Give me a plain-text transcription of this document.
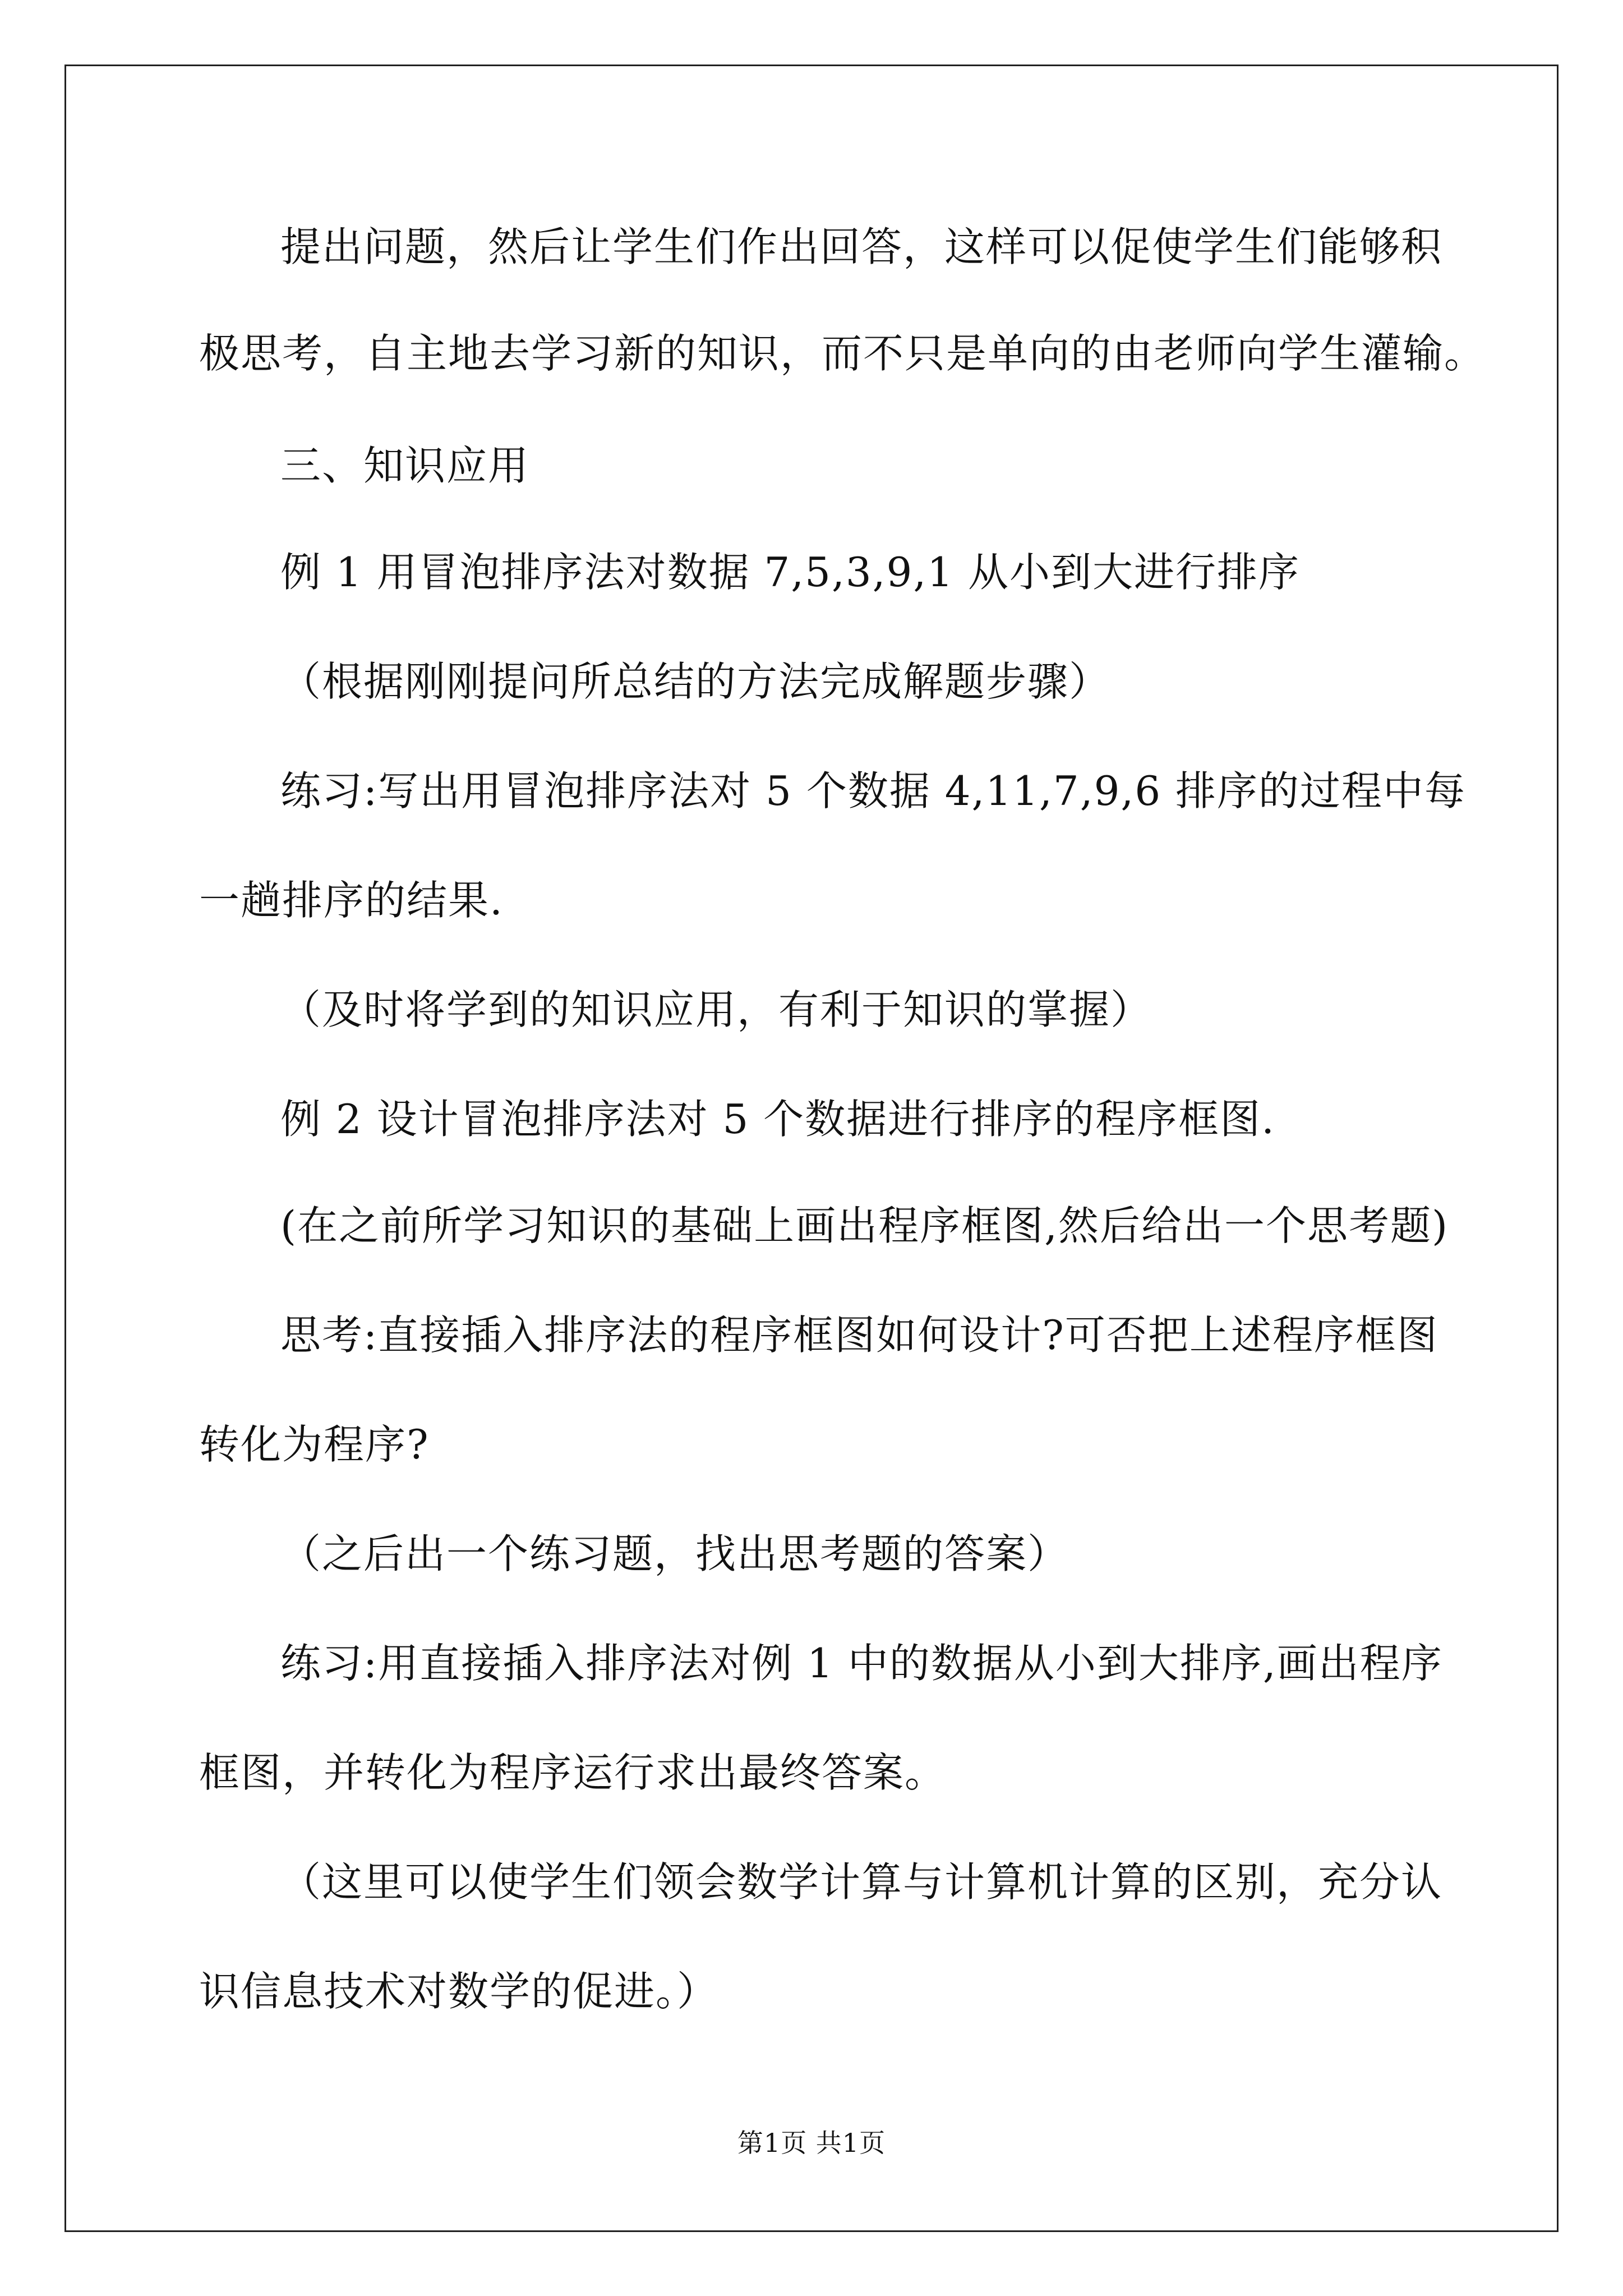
提出问题，然后让学生们作出回答，这样可以促使学生们能够积
极思考，自主地去学习新的知识，而不只是单向的由老师向学生灌输。
三、知识应用
例 1 用冒泡排序法对数据 7,5,3,9,1 从小到大进行排序
（根据刚刚提问所总结的方法完成解题步骤）
练习:写出用冒泡排序法对 5 个数据 4,11,7,9,6 排序的过程中每
一趟排序的结果.
（及时将学到的知识应用，有利于知识的掌握）
例 2 设计冒泡排序法对 5 个数据进行排序的程序框图.
(在之前所学习知识的基础上画出程序框图,然后给出一个思考题)
思考:直接插入排序法的程序框图如何设计?可否把上述程序框图
转化为程序?
（之后出一个练习题，找出思考题的答案）
练习:用直接插入排序法对例 1 中的数据从小到大排序,画出程序
框图，并转化为程序运行求出最终答案。
（这里可以使学生们领会数学计算与计算机计算的区别，充分认
识信息技术对数学的促进。）
第1页 共1页
